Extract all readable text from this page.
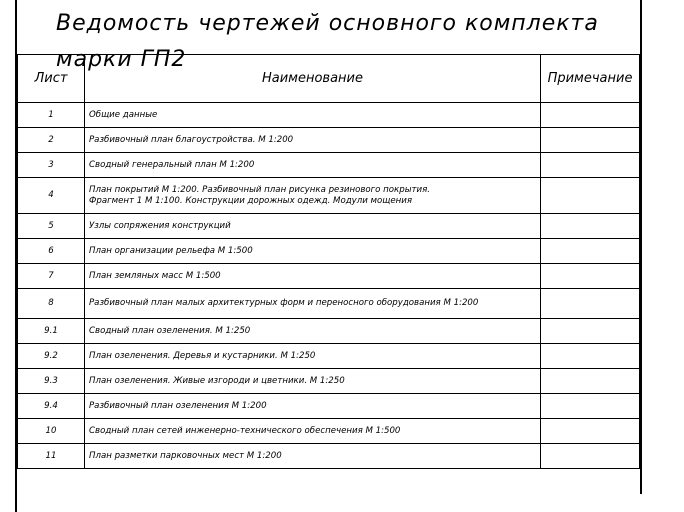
Ведомость чертежей основного комплекта марки ГП2
Лист	Наименование	Примечание
1	Общие данные	

2	Разбивочный план благоустройства. М 1:200	

3	Сводный генеральный план М 1:200	

4	План покрытий М 1:200. Разбивочный план рисунка резинового покрытия.
Фрагмент 1 М 1:100. Конструкции дорожных одежд. Модули мощения	

5	Узлы сопряжения конструкций	

6	План организации рельефа М 1:500	

7	План земляных масс М 1:500	

8	Разбивочный план малых архитектурных форм и переносного оборудования М 1:200	

9.1	Сводный план озеленения. М 1:250	

9.2	План озеленения. Деревья и кустарники. М 1:250	

9.3	План озеленения. Живые изгороди и цветники. М 1:250	

9.4	Разбивочный план озеленения М 1:200	

10	Сводный план сетей инженерно-технического обеспечения М 1:500	

11	План разметки парковочных мест М 1:200	
